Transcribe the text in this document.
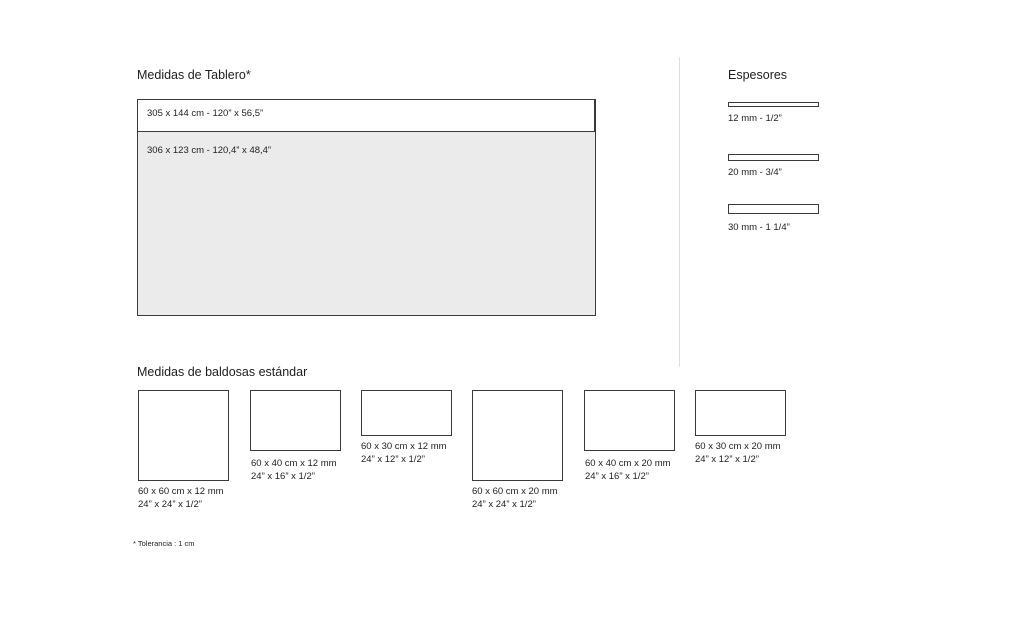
Medidas de Tablero*
305 x 144 cm - 120” x 56,5”
306 x 123 cm - 120,4” x 48,4”
Espesores
12 mm - 1/2”
20 mm - 3/4”
30 mm - 1 1/4”
Medidas de baldosas estándar
60 x 60 cm x 12 mm
24” x 24” x 1/2”
60 x 40 cm x 12 mm
24” x 16” x 1/2”
60 x 30 cm x 12 mm
24” x 12” x 1/2”
60 x 60 cm x 20 mm
24” x 24” x 1/2”
60 x 40 cm x 20 mm
24” x 16” x 1/2”
60 x 30 cm x 20 mm
24” x 12” x 1/2”
* Tolerancia : 1 cm
